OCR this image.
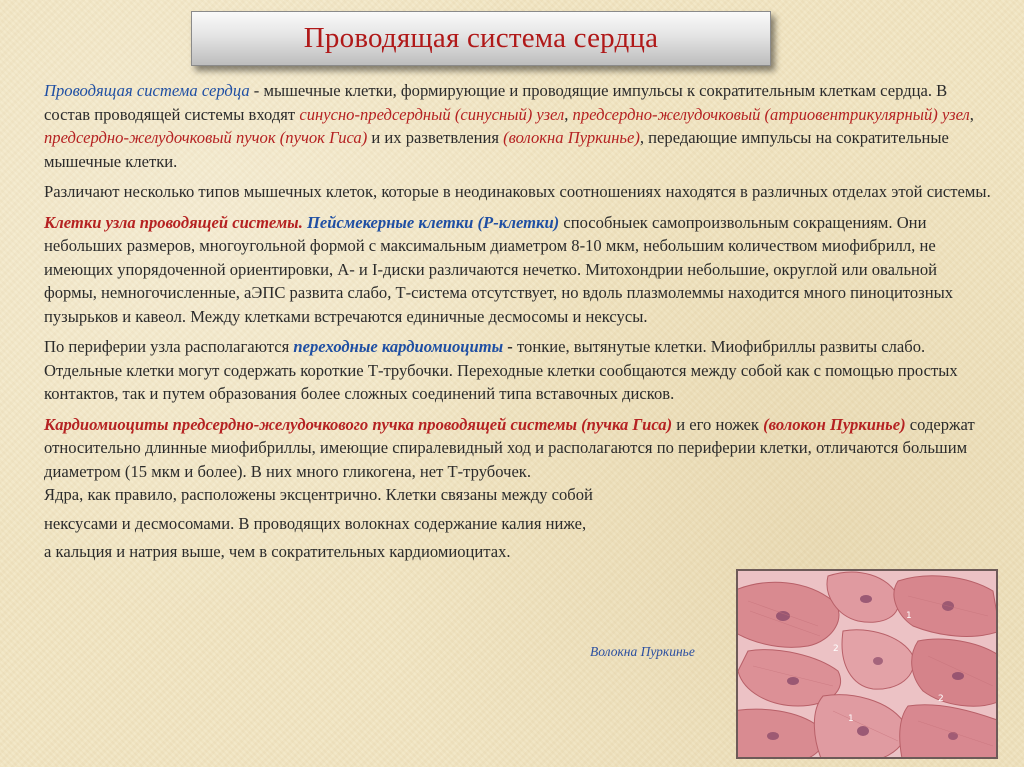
Проводящая система сердца

Проводящая система сердца - мышечные клетки, формирующие и проводящие импульсы к сократительным клеткам сердца. В состав проводящей системы входят синусно-предсердный (синусный) узел, предсердно-желудочковый (атриовентрикулярный) узел, предсердно-желудочковый пучок (пучок Гиса) и их разветвления (волокна Пуркинье), передающие импульсы на сократительные мышечные клетки.

Различают несколько типов мышечных клеток, которые в неодинаковых соотношениях находятся в различных отделах этой системы.

Клетки узла проводящей системы. Пейсмекерные клетки (Р-клетки) способныек самопроизвольным сокращениям. Они небольших размеров, многоугольной формой с максимальным диаметром 8-10 мкм, небольшим количеством миофибрилл, не имеющих упорядоченной ориентировки, А- и I-диски различаются нечетко. Митохондрии небольшие, округлой или овальной формы, немногочисленные, аЭПС развита слабо, Т-система отсутствует, но вдоль плазмолеммы находится много пиноцитозных пузырьков и кавеол. Между клетками встречаются единичные десмосомы и нексусы.

По периферии узла располагаются переходные кардиомиоциты - тонкие, вытянутые клетки. Миофибриллы развиты слабо. Отдельные клетки могут содержать короткие Т-трубочки. Переходные клетки сообщаются между собой как с помощью простых контактов, так и путем образования более сложных соединений типа вставочных дисков.

Кардиомиоциты предсердно-желудочкового пучка проводящей системы (пучка Гиса) и его ножек (волокон Пуркинье) содержат относительно длинные миофибриллы, имеющие спиралевидный ход и располагаются по периферии клетки, отличаются большим диаметром (15 мкм и более). В них много гликогена, нет Т-трубочек.

Ядра, как правило, расположены эксцентрично. Клетки связаны между собой
нексусами и десмосомами. В проводящих волокнах содержание калия ниже,
а кальция и натрия выше, чем в сократительных кардиомиоцитах.
Волокна Пуркинье
1
2
1
2
